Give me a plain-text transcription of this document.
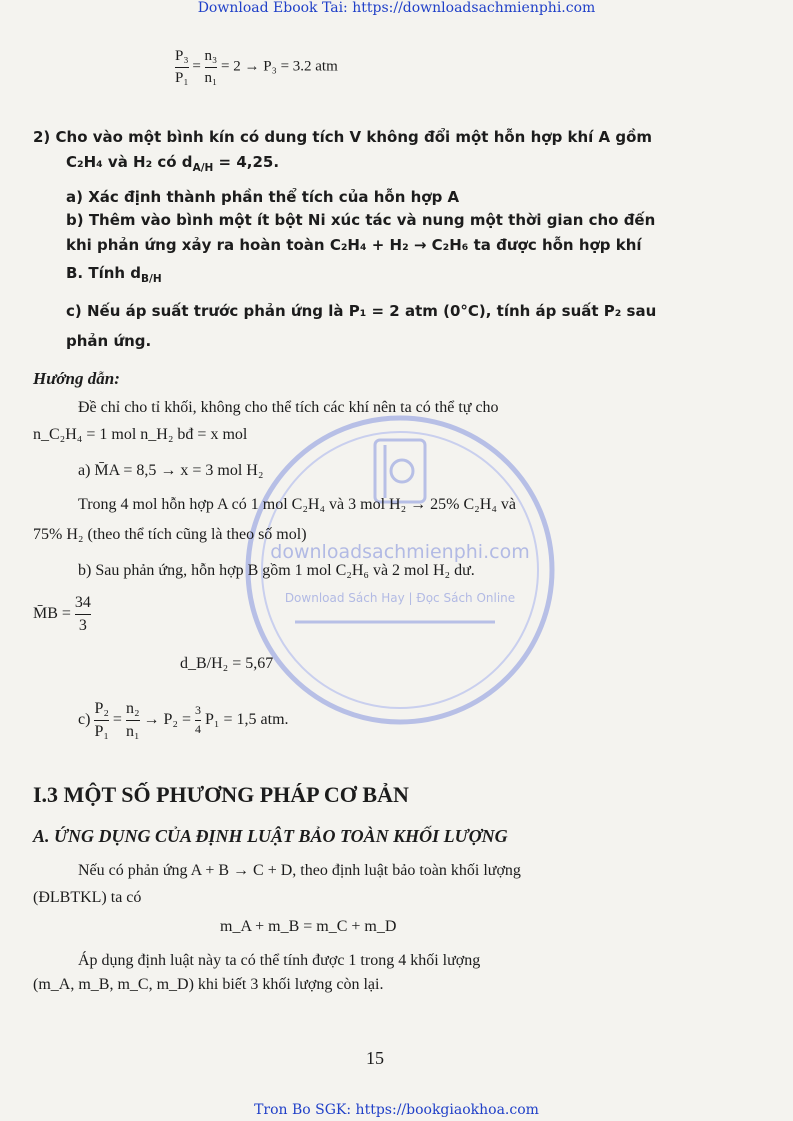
Download Ebook Tai: https://downloadsachmienphi.com
downloadsachmienphi.com
Download Sách Hay | Đọc Sách Online
$\frac{\text{P₃}}{\text{P₁}} = \frac{\text{n₃}}{\text{n₁}} = 2 \to P_3 = 3.2$ atm
2) Cho vào một bình kín có dung tích V không đổi một hỗn hợp khí A gồm
C₂H₄ và H₂ có $d_{A/H} = 4,25$.
a) Xác định thành phần thể tích của hỗn hợp A
b) Thêm vào bình một ít bột Ni xúc tác và nung một thời gian cho đến
khi phản ứng xảy ra hoàn toàn C₂H₄ + H₂ → C₂H₆ ta được hỗn hợp khí
B. Tính $d_{B/H}$
c) Nếu áp suất trước phản ứng là P₁ = 2 atm (0°C), tính áp suất P₂ sau
phản ứng.
Hướng dẫn:
Đề chỉ cho tỉ khối, không cho thể tích các khí nên ta có thể tự cho
n_C₂H₄ = 1 mol n_H₂ bđ = x mol
a) M̄A = 8,5 → x = 3 mol H₂
Trong 4 mol hỗn hợp A có 1 mol C₂H₄ và 3 mol H₂ → 25% C₂H₄ và
75% H₂ (theo thể tích cũng là theo số mol)
b) Sau phản ứng, hỗn hợp B gồm 1 mol C₂H₆ và 2 mol H₂ dư.
M̄B = $\frac{34}{3}$
d_B/H₂ = 5,67
$c) \frac{\text{P₂}}{\text{P₁}} = \frac{\text{n₂}}{\text{n₁}} \to P_2 = \frac{3}{4} P_1 = 1,5$ atm.
I.3 MỘT SỐ PHƯƠNG PHÁP CƠ BẢN
A. ỨNG DỤNG CỦA ĐỊNH LUẬT BẢO TOÀN KHỐI LƯỢNG
Nếu có phản ứng A + B → C + D, theo định luật bảo toàn khối lượng
(ĐLBTKL) ta có
m_A + m_B = m_C + m_D
Áp dụng định luật này ta có thể tính được 1 trong 4 khối lượng
(m_A, m_B, m_C, m_D) khi biết 3 khối lượng còn lại.
15
Tron Bo SGK: https://bookgiaokhoa.com
